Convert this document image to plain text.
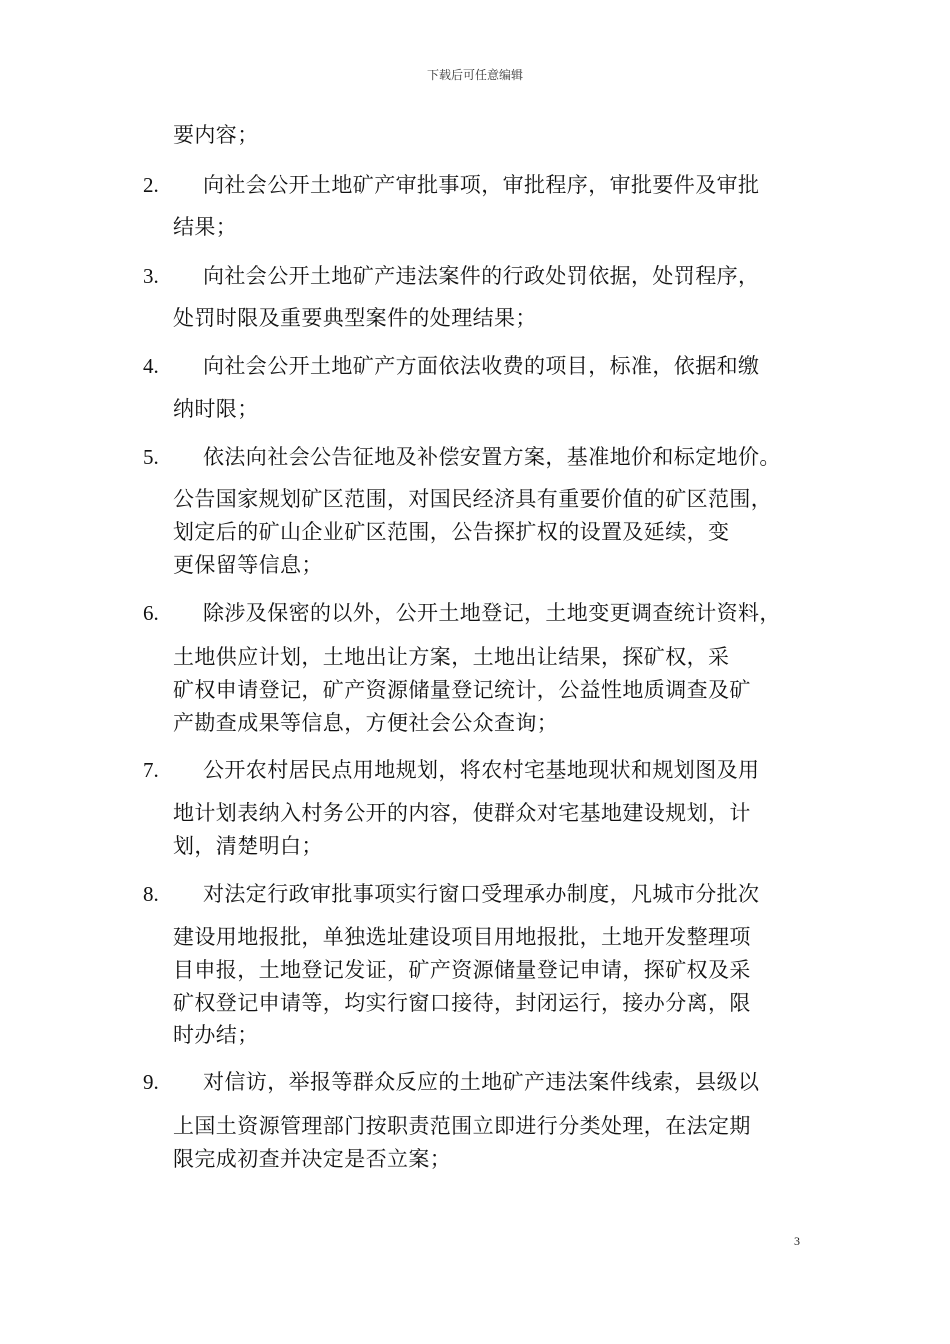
下载后可任意编辑
要内容；
2. 向社会公开土地矿产审批事项，审批程序，审批要件及审批
结果；
3. 向社会公开土地矿产违法案件的行政处罚依据，处罚程序，
处罚时限及重要典型案件的处理结果；
4. 向社会公开土地矿产方面依法收费的项目，标准，依据和缴
纳时限；
5. 依法向社会公告征地及补偿安置方案，基准地价和标定地价。
公告国家规划矿区范围，对国民经济具有重要价值的矿区范围，
划定后的矿山企业矿区范围，公告探扩权的设置及延续，变
更保留等信息；
6. 除涉及保密的以外，公开土地登记，土地变更调查统计资料，
土地供应计划，土地出让方案，土地出让结果，探矿权，采
矿权申请登记，矿产资源储量登记统计，公益性地质调查及矿
产勘查成果等信息，方便社会公众查询；
7. 公开农村居民点用地规划，将农村宅基地现状和规划图及用
地计划表纳入村务公开的内容，使群众对宅基地建设规划，计
划，清楚明白；
8. 对法定行政审批事项实行窗口受理承办制度，凡城市分批次
建设用地报批，单独选址建设项目用地报批，土地开发整理项
目申报，土地登记发证，矿产资源储量登记申请，探矿权及采
矿权登记申请等，均实行窗口接待，封闭运行，接办分离，限
时办结；
9. 对信访，举报等群众反应的土地矿产违法案件线索，县级以
上国土资源管理部门按职责范围立即进行分类处理，在法定期
限完成初查并决定是否立案；
3
